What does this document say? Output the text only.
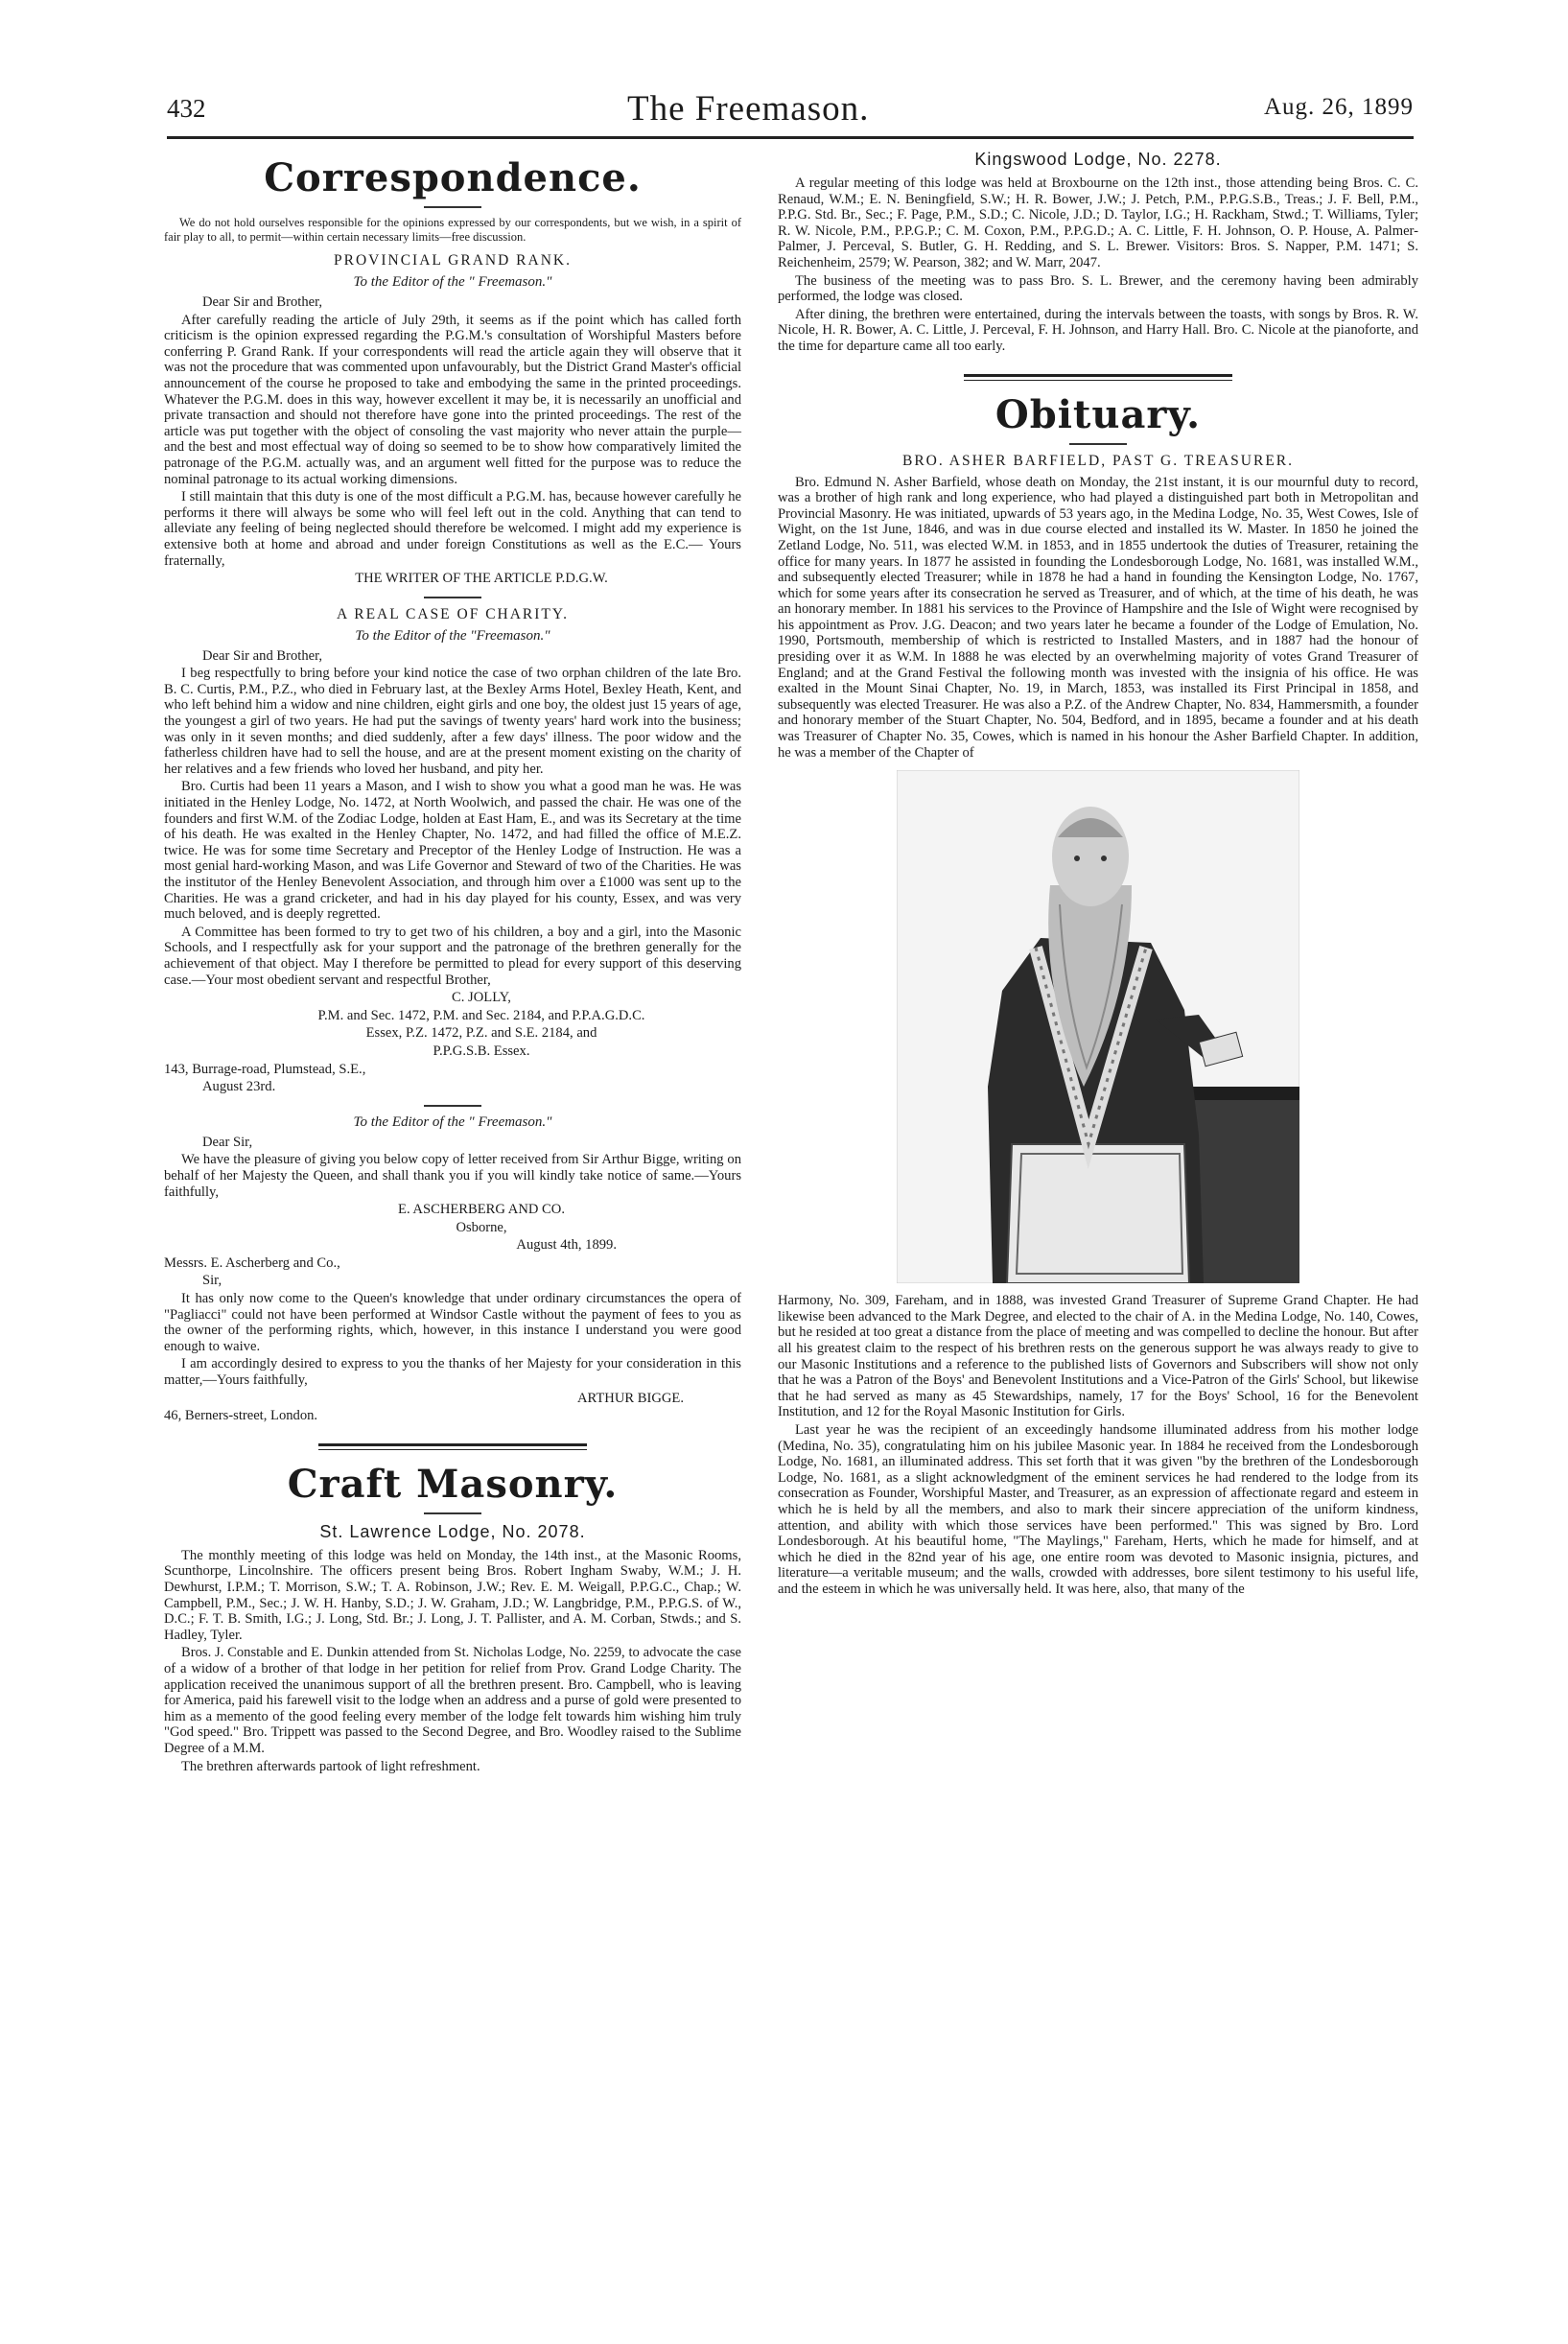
432	The Freemason.	Aug. 26, 1899
Correspondence.

We do not hold ourselves responsible for the opinions expressed by our correspondents, but we wish, in a spirit of fair play to all, to permit—within certain necessary limits—free discussion.

PROVINCIAL GRAND RANK.
To the Editor of the " Freemason."

Dear Sir and Brother,

After carefully reading the article of July 29th, it seems as if the point which has called forth criticism is the opinion expressed regarding the P.G.M.'s consultation of Worshipful Masters before conferring P. Grand Rank. If your correspondents will read the article again they will observe that it was not the procedure that was commented upon unfavourably, but the District Grand Master's official announcement of the course he proposed to take and embodying the same in the printed proceedings. Whatever the P.G.M. does in this way, however excellent it may be, it is necessarily an unofficial and private transaction and should not therefore have gone into the printed proceedings. The rest of the article was put together with the object of consoling the vast majority who never attain the purple—and the best and most effectual way of doing so seemed to be to show how comparatively limited the patronage of the P.G.M. actually was, and an argument well fitted for the purpose was to reduce the nominal patronage to its actual working dimensions.

I still maintain that this duty is one of the most difficult a P.G.M. has, because however carefully he performs it there will always be some who will feel left out in the cold. Anything that can tend to alleviate any feeling of being neglected should therefore be welcomed. I might add my experience is extensive both at home and abroad and under foreign Constitutions as well as the E.C.— Yours fraternally,

THE WRITER OF THE ARTICLE P.D.G.W.

A REAL CASE OF CHARITY.
To the Editor of the "Freemason."

Dear Sir and Brother,

I beg respectfully to bring before your kind notice the case of two orphan children of the late Bro. B. C. Curtis, P.M., P.Z., who died in February last, at the Bexley Arms Hotel, Bexley Heath, Kent, and who left behind him a widow and nine children, eight girls and one boy, the oldest just 15 years of age, the youngest a girl of two years. He had put the savings of twenty years' hard work into the business; was only in it seven months; and died suddenly, after a few days' illness. The poor widow and the fatherless children have had to sell the house, and are at the present moment existing on the charity of her relatives and a few friends who loved her husband, and pity her.

Bro. Curtis had been 11 years a Mason, and I wish to show you what a good man he was. He was initiated in the Henley Lodge, No. 1472, at North Woolwich, and passed the chair. He was one of the founders and first W.M. of the Zodiac Lodge, holden at East Ham, E., and was its Secretary at the time of his death. He was exalted in the Henley Chapter, No. 1472, and had filled the office of M.E.Z. twice. He was for some time Secretary and Preceptor of the Henley Lodge of Instruction. He was a most genial hard-working Mason, and was Life Governor and Steward of two of the Charities. He was the institutor of the Henley Benevolent Association, and through him over a £1000 was sent up to the Charities. He was a grand cricketer, and had in his day played for his county, Essex, and was very much beloved, and is deeply regretted.

A Committee has been formed to try to get two of his children, a boy and a girl, into the Masonic Schools, and I respectfully ask for your support and the patronage of the brethren generally for the achievement of that object. May I therefore be permitted to plead for every support of this deserving case.—Your most obedient servant and respectful Brother,

C. JOLLY,

P.M. and Sec. 1472, P.M. and Sec. 2184, and P.P.A.G.D.C.

Essex, P.Z. 1472, P.Z. and S.E. 2184, and

P.P.G.S.B. Essex.

143, Burrage-road, Plumstead, S.E.,

August 23rd.

To the Editor of the " Freemason."

Dear Sir,

We have the pleasure of giving you below copy of letter received from Sir Arthur Bigge, writing on behalf of her Majesty the Queen, and shall thank you if you will kindly take notice of same.—Yours faithfully,

E. ASCHERBERG AND CO.

Osborne,

August 4th, 1899.

Messrs. E. Ascherberg and Co.,

Sir,

It has only now come to the Queen's knowledge that under ordinary circumstances the opera of "Pagliacci" could not have been performed at Windsor Castle without the payment of fees to you as the owner of the performing rights, which, however, in this instance I understand you were good enough to waive.

I am accordingly desired to express to you the thanks of her Majesty for your consideration in this matter,—Yours faithfully,

ARTHUR BIGGE.

46, Berners-street, London.

Craft Masonry.
St. Lawrence Lodge, No. 2078.

The monthly meeting of this lodge was held on Monday, the 14th inst., at the Masonic Rooms, Scunthorpe, Lincolnshire. The officers present being Bros. Robert Ingham Swaby, W.M.; J. H. Dewhurst, I.P.M.; T. Morrison, S.W.; T. A. Robinson, J.W.; Rev. E. M. Weigall, P.P.G.C., Chap.; W. Campbell, P.M., Sec.; J. W. H. Hanby, S.D.; J. W. Graham, J.D.; W. Langbridge, P.M., P.P.G.S. of W., D.C.; F. T. B. Smith, I.G.; J. Long, Std. Br.; J. Long, J. T. Pallister, and A. M. Corban, Stwds.; and S. Hadley, Tyler.

Bros. J. Constable and E. Dunkin attended from St. Nicholas Lodge, No. 2259, to advocate the case of a widow of a brother of that lodge in her petition for relief from Prov. Grand Lodge Charity. The application received the unanimous support of all the brethren present. Bro. Campbell, who is leaving for America, paid his farewell visit to the lodge when an address and a purse of gold were presented to him as a memento of the good feeling every member of the lodge felt towards him wishing him truly "God speed." Bro. Trippett was passed to the Second Degree, and Bro. Woodley raised to the Sublime Degree of a M.M.

The brethren afterwards partook of light refreshment.

Kingswood Lodge, No. 2278.

A regular meeting of this lodge was held at Broxbourne on the 12th inst., those attending being Bros. C. C. Renaud, W.M.; E. N. Beningfield, S.W.; H. R. Bower, J.W.; J. Petch, P.M., P.P.G.S.B., Treas.; J. F. Bell, P.M., P.P.G. Std. Br., Sec.; F. Page, P.M., S.D.; C. Nicole, J.D.; D. Taylor, I.G.; H. Rackham, Stwd.; T. Williams, Tyler; R. W. Nicole, P.M., P.P.G.P.; C. M. Coxon, P.M., P.P.G.D.; A. C. Little, F. H. Johnson, O. P. House, A. Palmer-Palmer, J. Perceval, S. Butler, G. H. Redding, and S. L. Brewer. Visitors: Bros. S. Napper, P.M. 1471; S. Reichenheim, 2579; W. Pearson, 382; and W. Marr, 2047.

The business of the meeting was to pass Bro. S. L. Brewer, and the ceremony having been admirably performed, the lodge was closed.

After dining, the brethren were entertained, during the intervals between the toasts, with songs by Bros. R. W. Nicole, H. R. Bower, A. C. Little, J. Perceval, F. H. Johnson, and Harry Hall. Bro. C. Nicole at the pianoforte, and the time for departure came all too early.

Obituary.
BRO. ASHER BARFIELD, PAST G. TREASURER.

Bro. Edmund N. Asher Barfield, whose death on Monday, the 21st instant, it is our mournful duty to record, was a brother of high rank and long experience, who had played a distinguished part both in Metropolitan and Provincial Masonry. He was initiated, upwards of 53 years ago, in the Medina Lodge, No. 35, West Cowes, Isle of Wight, on the 1st June, 1846, and was in due course elected and installed its W. Master. In 1850 he joined the Zetland Lodge, No. 511, was elected W.M. in 1853, and in 1855 undertook the duties of Treasurer, retaining the office for many years. In 1877 he assisted in founding the Londesborough Lodge, No. 1681, was installed W.M., and subsequently elected Treasurer; while in 1878 he had a hand in founding the Kensington Lodge, No. 1767, which for some years after its consecration he served as Treasurer, and of which, at the time of his death, he was an honorary member. In 1881 his services to the Province of Hampshire and the Isle of Wight were recognised by his appointment as Prov. J.G. Deacon; and two years later he became a founder of the Lodge of Emulation, No. 1990, Portsmouth, membership of which is restricted to Installed Masters, and in 1887 had the honour of presiding over it as W.M. In 1888 he was elected by an overwhelming majority of votes Grand Treasurer of England; and at the Grand Festival the following month was invested with the insignia of his office. He was exalted in the Mount Sinai Chapter, No. 19, in March, 1853, was installed its First Principal in 1858, and subsequently was elected Treasurer. He was also a P.Z. of the Andrew Chapter, No. 834, Hammersmith, a founder and honorary member of the Stuart Chapter, No. 504, Bedford, and in 1895, became a founder and at his death was Treasurer of Chapter No. 35, Cowes, which is named in his honour the Asher Barfield Chapter. In addition, he was a member of the Chapter of

Harmony, No. 309, Fareham, and in 1888, was invested Grand Treasurer of Supreme Grand Chapter. He had likewise been advanced to the Mark Degree, and elected to the chair of A. in the Medina Lodge, No. 140, Cowes, but he resided at too great a distance from the place of meeting and was compelled to decline the honour. But after all his greatest claim to the respect of his brethren rests on the generous support he was always ready to give to our Masonic Institutions and a reference to the published lists of Governors and Subscribers will show not only that he was a Patron of the Boys' and Benevolent Institutions and a Vice-Patron of the Girls' School, but likewise that he had served as many as 45 Stewardships, namely, 17 for the Boys' School, 16 for the Benevolent Institution, and 12 for the Royal Masonic Institution for Girls.

Last year he was the recipient of an exceedingly handsome illuminated address from his mother lodge (Medina, No. 35), congratulating him on his jubilee Masonic year. In 1884 he received from the Londesborough Lodge, No. 1681, an illuminated address. This set forth that it was given "by the brethren of the Londesborough Lodge, No. 1681, as a slight acknowledgment of the eminent services he had rendered to the lodge from its consecration as Founder, Worshipful Master, and Treasurer, as an expression of affectionate regard and esteem in which he is held by all the members, and also to mark their sincere appreciation of the uniform kindness, attention, and ability with which those services have been performed." This was signed by Bro. Lord Londesborough. At his beautiful home, "The Maylings," Fareham, Herts, which he made for himself, and at which he died in the 82nd year of his age, one entire room was devoted to Masonic insignia, pictures, and literature—a veritable museum; and the walls, crowded with addresses, bore silent testimony to his useful life, and the esteem in which he was universally held. It was here, also, that many of the
